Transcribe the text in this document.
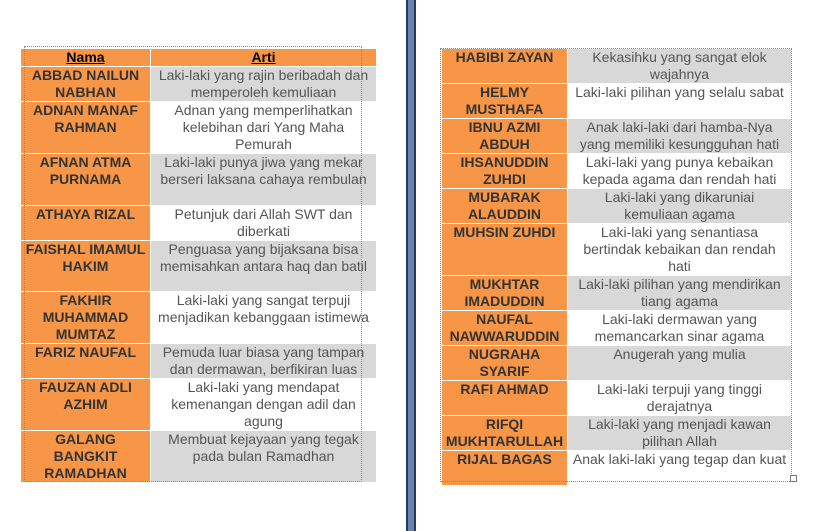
Nama	Arti
ABBAD NAILUN NABHAN	Laki-laki yang rajin beribadah dan memperoleh kemuliaan
ADNAN MANAF RAHMAN	Adnan yang memperlihatkan kelebihan dari Yang Maha Pemurah
AFNAN ATMA PURNAMA	Laki-laki punya jiwa yang mekar berseri laksana cahaya rembulan
ATHAYA RIZAL	Petunjuk dari Allah SWT dan diberkati
FAISHAL IMAMUL HAKIM	Penguasa yang bijaksana bisa memisahkan antara haq dan batil
FAKHIR MUHAMMAD MUMTAZ	Laki-laki yang sangat terpuji menjadikan kebanggaan istimewa
FARIZ NAUFAL	Pemuda luar biasa yang tampan dan dermawan, berfikiran luas
FAUZAN ADLI AZHIM	Laki-laki yang mendapat kemenangan dengan adil dan agung
GALANG BANGKIT RAMADHAN	Membuat kejayaan yang tegak pada bulan Ramadhan
HABIBI ZAYAN	Kekasihku yang sangat elok wajahnya
HELMY MUSTHAFA	Laki-laki pilihan yang selalu sabat
IBNU AZMI ABDUH	Anak laki-laki dari hamba-Nya yang memiliki kesungguhan hati
IHSANUDDIN ZUHDI	Laki-laki yang punya kebaikan kepada agama dan rendah hati
MUBARAK ALAUDDIN	Laki-laki yang dikaruniai kemuliaan agama
MUHSIN ZUHDI	Laki-laki yang senantiasa bertindak kebaikan dan rendah hati
MUKHTAR IMADUDDIN	Laki-laki pilihan yang mendirikan tiang agama
NAUFAL NAWWARUDDIN	Laki-laki dermawan yang memancarkan sinar agama
NUGRAHA SYARIF	Anugerah yang mulia
RAFI AHMAD	Laki-laki terpuji yang tinggi derajatnya
RIFQI MUKHTARULLAH	Laki-laki yang menjadi kawan pilihan Allah
RIJAL BAGAS	Anak laki-laki yang tegap dan kuat
